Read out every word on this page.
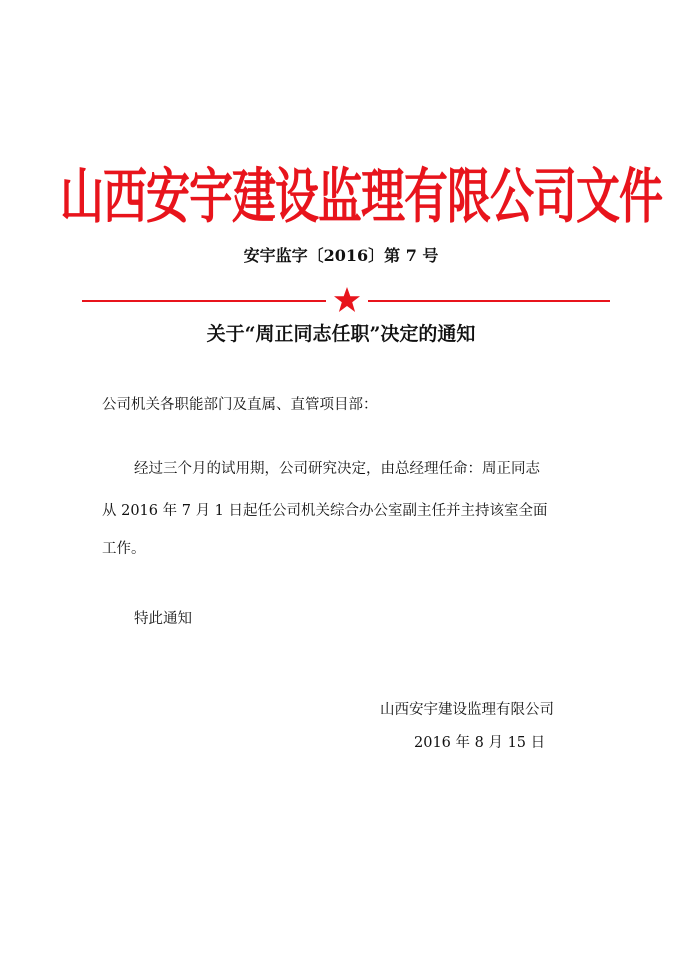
山西安宇建设监理有限公司文件
安宇监字〔2016〕第 7 号
关于“周正同志任职”决定的通知
公司机关各职能部门及直属、直管项目部：
经过三个月的试用期，公司研究决定，由总经理任命：周正同志
从 2016 年 7 月 1 日起任公司机关综合办公室副主任并主持该室全面
工作。
特此通知
山西安宇建设监理有限公司
2016 年 8 月 15 日
